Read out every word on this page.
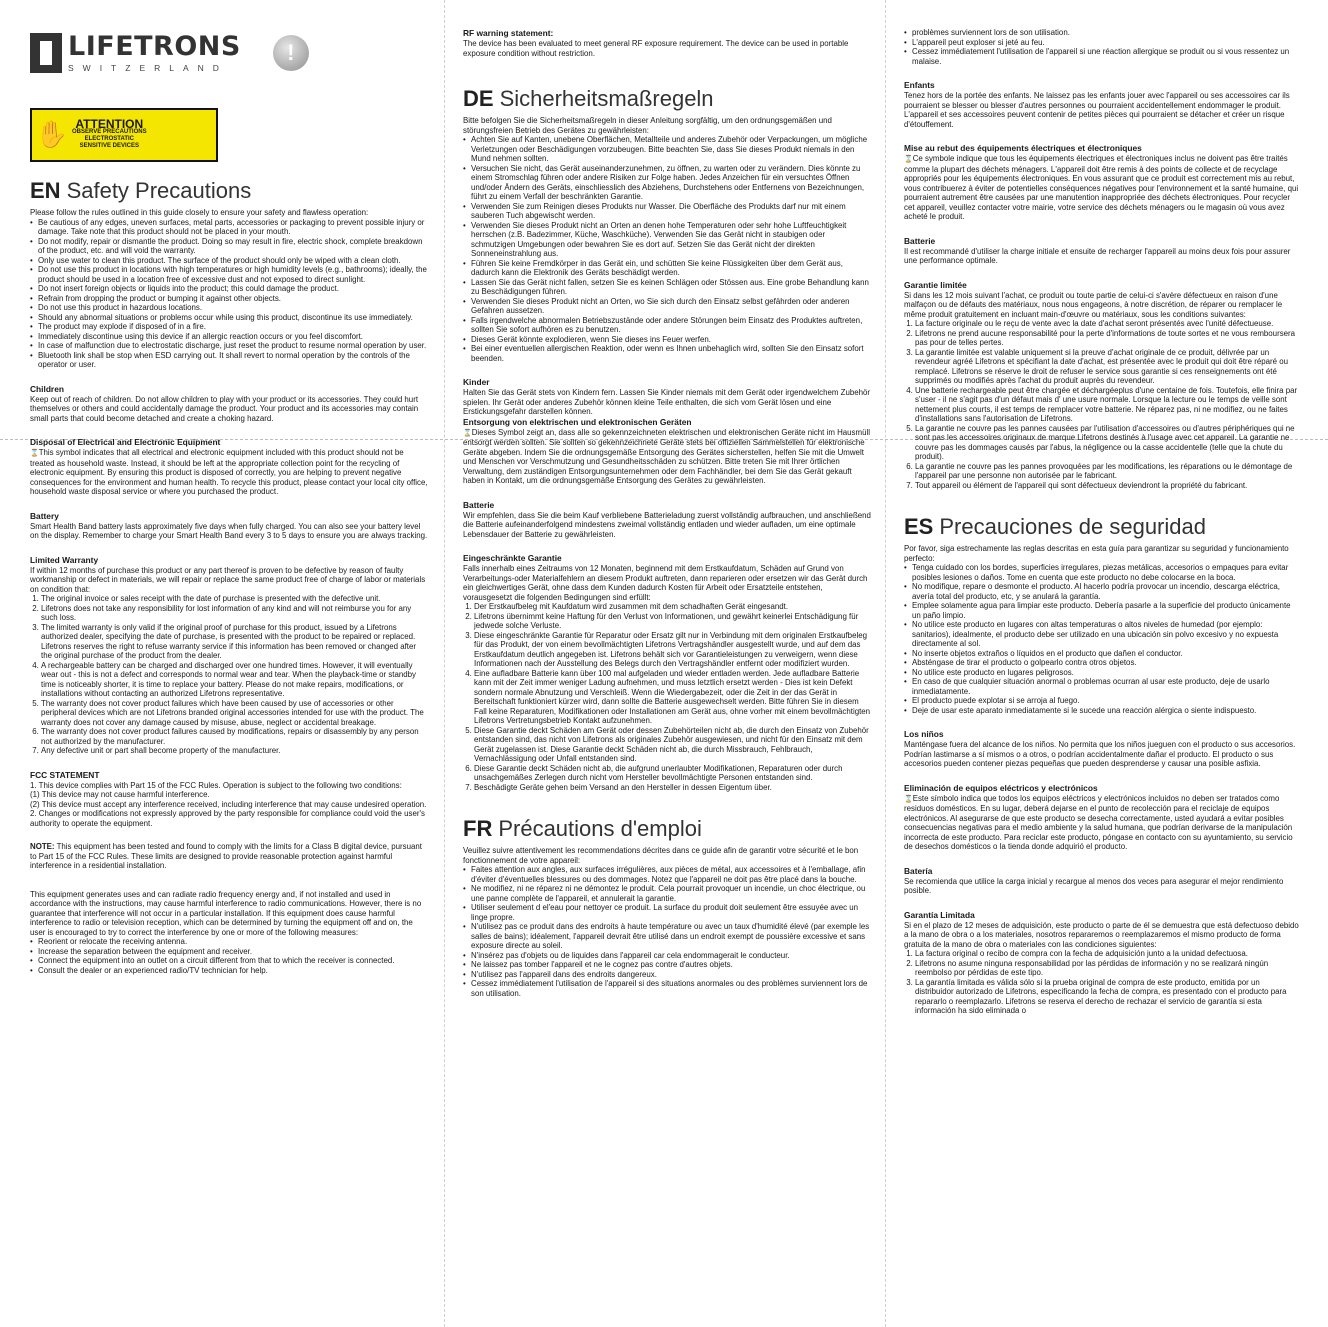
LIFETRONS
SWITZERLAND
!
✋ ATTENTION
OBSERVE PRECAUTIONS
ELECTROSTATIC
SENSITIVE DEVICES
EN Safety Precautions

Please follow the rules outlined in this guide closely to ensure your safety and flawless operation:

• Be cautious of any edges, uneven surfaces, metal parts, accessories or packaging to prevent possible injury or damage. Take note that this product should not be placed in your mouth.
• Do not modify, repair or dismantle the product. Doing so may result in fire, electric shock, complete breakdown of the product, etc. and will void the warranty.
• Only use water to clean this product. The surface of the product should only be wiped with a clean cloth.
• Do not use this product in locations with high temperatures or high humidity levels (e.g., bathrooms); ideally, the product should be used in a location free of excessive dust and not exposed to direct sunlight.
• Do not insert foreign objects or liquids into the product; this could damage the product.
• Refrain from dropping the product or bumping it against other objects.
• Do not use this product in hazardous locations.
• Should any abnormal situations or problems occur while using this product, discontinue its use immediately.
• The product may explode if disposed of in a fire.
• Immediately discontinue using this device if an allergic reaction occurs or you feel discomfort.
• In case of malfunction due to electrostatic discharge, just reset the product to resume normal operation by user.
• Bluetooth link shall be stop when ESD carrying out. It shall revert to normal operation by the controls of the operator or user.
Children

Keep out of reach of children. Do not allow children to play with your product or its accessories. They could hurt themselves or others and could accidentally damage the product. Your product and its accessories may contain small parts that could become detached and create a choking hazard.

Disposal of Electrical and Electronic Equipment

⌛This symbol indicates that all electrical and electronic equipment included with this product should not be treated as household waste. Instead, it should be left at the appropriate collection point for the recycling of electronic equipment. By ensuring this product is disposed of correctly, you are helping to prevent negative consequences for the environment and human health. To recycle this product, please contact your local city office, household waste disposal service or where you purchased the product.

Battery

Smart Health Band battery lasts approximately five days when fully charged. You can also see your battery level on the display. Remember to charge your Smart Health Band every 3 to 5 days to ensure you are always tracking.

Limited Warranty

If within 12 months of purchase this product or any part thereof is proven to be defective by reason of faulty workmanship or defect in materials, we will repair or replace the same product free of charge of labor or materials on condition that:

1. The original invoice or sales receipt with the date of purchase is presented with the defective unit.
2. Lifetrons does not take any responsibility for lost information of any kind and will not reimburse you for any such loss.
3. The limited warranty is only valid if the original proof of purchase for this product, issued by a Lifetrons authorized dealer, specifying the date of purchase, is presented with the product to be repaired or replaced. Lifetrons reserves the right to refuse warranty service if this information has been removed or changed after the original purchase of the product from the dealer.
4. A rechargeable battery can be charged and discharged over one hundred times. However, it will eventually wear out - this is not a defect and corresponds to normal wear and tear. When the playback-time or standby time is noticeably shorter, it is time to replace your battery. Please do not make repairs, modifications, or installations without contacting an authorized Lifetrons representative.
5. The warranty does not cover product failures which have been caused by use of accessories or other peripheral devices which are not Lifetrons branded original accessories intended for use with the product. The warranty does not cover any damage caused by misuse, abuse, neglect or accidental breakage.
6. The warranty does not cover product failures caused by modifications, repairs or disassembly by any person not authorized by the manufacturer.
7. Any defective unit or part shall become property of the manufacturer.
FCC STATEMENT
1. This device complies with Part 15 of the FCC Rules. Operation is subject to the following two conditions:
(1) This device may not cause harmful interference.
(2) This device must accept any interference received, including interference that may cause undesired operation.
2. Changes or modifications not expressly approved by the party responsible for compliance could void the user's authority to operate the equipment.

NOTE: This equipment has been tested and found to comply with the limits for a Class B digital device, pursuant to Part 15 of the FCC Rules. These limits are designed to provide reasonable protection against harmful interference in a residential installation.

This equipment generates uses and can radiate radio frequency energy and, if not installed and used in accordance with the instructions, may cause harmful interference to radio communications. However, there is no guarantee that interference will not occur in a particular installation. If this equipment does cause harmful interference to radio or television reception, which can be determined by turning the equipment off and on, the user is encouraged to try to correct the interference by one or more of the following measures:

• Reorient or relocate the receiving antenna.
• Increase the separation between the equipment and receiver.
• Connect the equipment into an outlet on a circuit different from that to which the receiver is connected.
• Consult the dealer or an experienced radio/TV technician for help.
RF warning statement:

The device has been evaluated to meet general RF exposure requirement. The device can be used in portable exposure condition without restriction.

DE Sicherheitsmaßregeln

Bitte befolgen Sie die Sicherheitsmaßregeln in dieser Anleitung sorgfältig, um den ordnungsgemäßen und störungsfreien Betrieb des Gerätes zu gewährleisten:

• Achten Sie auf Kanten, unebene Oberflächen, Metallteile und anderes Zubehör oder Verpackungen, um mögliche Verletzungen oder Beschädigungen vorzubeugen. Bitte beachten Sie, dass Sie dieses Produkt niemals in den Mund nehmen sollten.
• Versuchen Sie nicht, das Gerät auseinanderzunehmen, zu öffnen, zu warten oder zu verändern. Dies könnte zu einem Stromschlag führen oder andere Risiken zur Folge haben. Jedes Anzeichen für ein versuchtes Öffnen und/oder Ändern des Geräts, einschliesslich des Abziehens, Durchstehens oder Entfernens von Bezeichnungen, führt zu einem Verfall der beschränkten Garantie.
• Verwenden Sie zum Reinigen dieses Produkts nur Wasser. Die Oberfläche des Produkts darf nur mit einem sauberen Tuch abgewischt werden.
• Verwenden Sie dieses Produkt nicht an Orten an denen hohe Temperaturen oder sehr hohe Luftfeuchtigkeit herrschen (z.B. Badezimmer, Küche, Waschküche). Verwenden Sie das Gerät nicht in staubigen oder schmutzigen Umgebungen oder bewahren Sie es dort auf. Setzen Sie das Gerät nicht der direkten Sonneneinstrahlung aus.
• Führen Sie keine Fremdkörper in das Gerät ein, und schütten Sie keine Flüssigkeiten über dem Gerät aus, dadurch kann die Elektronik des Geräts beschädigt werden.
• Lassen Sie das Gerät nicht fallen, setzen Sie es keinen Schlägen oder Stössen aus. Eine grobe Behandlung kann zu Beschädigungen führen.
• Verwenden Sie dieses Produkt nicht an Orten, wo Sie sich durch den Einsatz selbst gefährden oder anderen Gefahren aussetzen.
• Falls irgendwelche abnormalen Betriebszustände oder andere Störungen beim Einsatz des Produktes auftreten, sollten Sie sofort aufhören es zu benutzen.
• Dieses Gerät könnte explodieren, wenn Sie dieses ins Feuer werfen.
• Bei einer eventuellen allergischen Reaktion, oder wenn es Ihnen unbehaglich wird, sollten Sie den Einsatz sofort beenden.
Kinder

Halten Sie das Gerät stets von Kindern fern. Lassen Sie Kinder niemals mit dem Gerät oder irgendwelchem Zubehör spielen. Ihr Gerät oder anderes Zubehör können kleine Teile enthalten, die sich vom Gerät lösen und eine Erstickungsgefahr darstellen können.

Entsorgung von elektrischen und elektronischen Geräten

⌛Dieses Symbol zeigt an, dass alle so gekennzeichneten elektrischen und elektronischen Geräte nicht im Hausmüll entsorgt werden sollten. Sie sollten so gekennzeichnete Geräte stets bei offiziellen Sammelstellen für elektronische Geräte abgeben. Indem Sie die ordnungsgemäße Entsorgung des Gerätes sicherstellen, helfen Sie mit die Umwelt und Menschen vor Verschmutzung und Gesundheitsschäden zu schützen. Bitte treten Sie mit Ihrer örtlichen Verwaltung, dem zuständigen Entsorgungsunternehmen oder dem Fachhändler, bei dem Sie das Gerät gekauft haben in Kontakt, um die ordnungsgemäße Entsorgung des Gerätes zu gewährleisten.

Batterie

Wir empfehlen, dass Sie die beim Kauf verbliebene Batterieladung zuerst vollständig aufbrauchen, und anschließend die Batterie aufeinanderfolgend mindestens zweimal vollständig entladen und wieder aufladen, um eine optimale Lebensdauer der Batterie zu gewährleisten.

Eingeschränkte Garantie

Falls innerhalb eines Zeitraums von 12 Monaten, beginnend mit dem Erstkaufdatum, Schäden auf Grund von Verarbeitungs-oder Materialfehlern an diesem Produkt auftreten, dann reparieren oder ersetzen wir das Gerät durch ein gleichwertiges Gerät, ohne dass dem Kunden dadurch Kosten für Arbeit oder Ersatzteile entstehen, vorausgesetzt die folgenden Bedingungen sind erfüllt:

1. Der Erstkaufbeleg mit Kaufdatum wird zusammen mit dem schadhaften Gerät eingesandt.
2. Lifetrons übernimmt keine Haftung für den Verlust von Informationen, und gewährt keinerlei Entschädigung für jedwede solche Verluste.
3. Diese eingeschränkte Garantie für Reparatur oder Ersatz gilt nur in Verbindung mit dem originalen Erstkaufbeleg für das Produkt, der von einem bevollmächtigten Lifetrons Vertragshändler ausgestellt wurde, und auf dem das Erstkaufdatum deutlich angegeben ist. Lifetrons behält sich vor Garantieleistungen zu verweigern, wenn diese Informationen nach der Ausstellung des Belegs durch den Vertragshändler entfernt oder modifiziert wurden.
4. Eine aufladbare Batterie kann über 100 mal aufgeladen und wieder entladen werden. Jede aufladbare Batterie kann mit der Zeit immer weniger Ladung aufnehmen, und muss letztlich ersetzt werden - Dies ist kein Defekt sondern normale Abnutzung und Verschleiß. Wenn die Wiedergabezeit, oder die Zeit in der das Gerät in Bereitschaft funktioniert kürzer wird, dann sollte die Batterie ausgewechselt werden. Bitte führen Sie in diesem Fall keine Reparaturen, Modifikationen oder Installationen am Gerät aus, ohne vorher mit einem bevollmächtigten Lifetrons Vertretungsbetrieb Kontakt aufzunehmen.
5. Diese Garantie deckt Schäden am Gerät oder dessen Zubehörteilen nicht ab, die durch den Einsatz von Zubehör entstanden sind, das nicht von Lifetrons als originales Zubehör ausgewiesen, und nicht für den Einsatz mit dem Gerät zugelassen ist. Diese Garantie deckt Schäden nicht ab, die durch Missbrauch, Fehlbrauch, Vernachlässigung oder Unfall entstanden sind.
6. Diese Garantie deckt Schäden nicht ab, die aufgrund unerlaubter Modifikationen, Reparaturen oder durch unsachgemäßes Zerlegen durch nicht vom Hersteller bevollmächtigte Personen entstanden sind.
7. Beschädigte Geräte gehen beim Versand an den Hersteller in dessen Eigentum über.
FR Précautions d'emploi

Veuillez suivre attentivement les recommendations décrites dans ce guide afin de garantir votre sécurité et le bon fonctionnement de votre appareil:

• Faites attention aux angles, aux surfaces irrégulières, aux pièces de métal, aux accessoires et à l'emballage, afin d'éviter d'éventuelles blessures ou des dommages. Notez que l'appareil ne doit pas être placé dans la bouche.
• Ne modifiez, ni ne réparez ni ne démontez le produit. Cela pourrait provoquer un incendie, un choc électrique, ou une panne complète de l'appareil, et annulerait la garantie.
• Utiliser seulement d el'eau pour nettoyer ce produit. La surface du produit doit seulement être essuyée avec un linge propre.
• N'utilisez pas ce produit dans des endroits à haute température ou avec un taux d'humidité élevé (par exemple les salles de bains); idéalement, l'appareil devrait être utilisé dans un endroit exempt de poussière excessive et sans exposure directe au soleil.
• N'insérez pas d'objets ou de liquides dans l'appareil car cela endommagerait le conducteur.
• Ne laissez pas tomber l'appareil et ne le cognez pas contre d'autres objets.
• N'utilisez pas l'appareil dans des endroits dangereux.
• Cessez immédiatement l'utilisation de l'appareil si des situations anormales ou des problèmes surviennent lors de son utilisation.
• problèmes surviennent lors de son utilisation.
• L'appareil peut exploser si jeté au feu.
• Cessez immédiatement l'utilisation de l'appareil si une réaction allergique se produit ou si vous ressentez un malaise.
Enfants

Tenez hors de la portée des enfants. Ne laissez pas les enfants jouer avec l'appareil ou ses accessoires car ils pourraient se blesser ou blesser d'autres personnes ou pourraient accidentellement endommager le produit. L'appareil et ses accessoires peuvent contenir de petites pièces qui pourraient se détacher et créer un risque d'étouffement.

Mise au rebut des équipements électriques et électroniques

⌛Ce symbole indique que tous les équipements électriques et électroniques inclus ne doivent pas être traités comme la plupart des déchets ménagers. L'appareil doit être remis à des points de collecte et de recyclage appropriés pour les équipements électroniques. En vous assurant que ce produit est correctement mis au rebut, vous contribuerez à éviter de potentielles conséquences négatives pour l'environnement et la santé humaine, qui pourraient autrement être causées par une manutention inappropriée des déchets électroniques. Pour recycler cet appareil, veuillez contacter votre mairie, votre service des déchets ménagers ou le magasin où vous avez acheté le produit.

Batterie

Il est recommandé d'utiliser la charge initiale et ensuite de recharger l'appareil au moins deux fois pour assurer une performance optimale.

Garantie limitée

Si dans les 12 mois suivant l'achat, ce produit ou toute partie de celui-ci s'avère défectueux en raison d'une malfaçon ou de défauts des matériaux, nous nous engageons, à notre discrétion, de réparer ou remplacer le même produit gratuitement en incluant main-d'œuvre ou matériaux, sous les conditions suivantes:

1. La facture originale ou le reçu de vente avec la date d'achat seront présentés avec l'unité défectueuse.
2. Lifetrons ne prend aucune responsabilité pour la perte d'informations de toute sortes et ne vous remboursera pas pour de telles pertes.
3. La garantie limitée est valable uniquement si la preuve d'achat originale de ce produit, délivrée par un revendeur agréé Lifetrons et spécifiant la date d'achat, est présentée avec le produit qui doit être réparé ou remplacé. Lifetrons se réserve le droit de refuser le service sous garantie si ces renseignements ont été supprimés ou modifiés après l'achat du produit auprès du revendeur.
4. Une batterie rechargeable peut être chargée et déchargéeplus d'une centaine de fois. Toutefois, elle finira par s'user - il ne s'agit pas d'un défaut mais d' une usure normale. Lorsque la lecture ou le temps de veille sont nettement plus courts, il est temps de remplacer votre batterie. Ne réparez pas, ni ne modifiez, ou ne faites d'installations sans l'autorisation de Lifetrons.
5. La garantie ne couvre pas les pannes causées par l'utilisation d'accessoires ou d'autres périphériques qui ne sont pas les accessoires originaux de marque Lifetrons destinés à l'usage avec cet appareil. La garantie ne couvre pas les dommages causés par l'abus, la négligence ou la casse accidentelle (telle que la chute du produit).
6. La garantie ne couvre pas les pannes provoquées par les modifications, les réparations ou le démontage de l'appareil par une personne non autorisée par le fabricant.
7. Tout appareil ou élément de l'appareil qui sont défectueux deviendront la propriété du fabricant.
ES Precauciones de seguridad

Por favor, siga estrechamente las reglas descritas en esta guía para garantizar su seguridad y funcionamiento perfecto:

• Tenga cuidado con los bordes, superficies irregulares, piezas metálicas, accesorios o empaques para evitar posibles lesiones o daños. Tome en cuenta que este producto no debe colocarse en la boca.
• No modifique, repare o desmonte el producto. Al hacerlo podría provocar un incendio, descarga eléctrica, avería total del producto, etc, y se anulará la garantía.
• Emplee solamente agua para limpiar este producto. Debería pasarle a la superficie del producto únicamente un paño limpio.
• No utilice este producto en lugares con altas temperaturas o altos niveles de humedad (por ejemplo: sanitarios), idealmente, el producto debe ser utilizado en una ubicación sin polvo excesivo y no expuesta directamente al sol.
• No inserte objetos extraños o líquidos en el producto que dañen el conductor.
• Absténgase de tirar el producto o golpearlo contra otros objetos.
• No utilice este producto en lugares peligrosos.
• En caso de que cualquier situación anormal o problemas ocurran al usar este producto, deje de usarlo inmediatamente.
• El producto puede explotar si se arroja al fuego.
• Deje de usar este aparato inmediatamente si le sucede una reacción alérgica o siente indispuesto.
Los niños

Manténgase fuera del alcance de los niños. No permita que los niños jueguen con el producto o sus accesorios. Podrían lastimarse a sí mismos o a otros, o podrían accidentalmente dañar el producto. El producto o sus accesorios pueden contener piezas pequeñas que pueden desprenderse y causar una posible asfixia.

Eliminación de equipos eléctricos y electrónicos

⌛Este símbolo indica que todos los equipos eléctricos y electrónicos incluidos no deben ser tratados como residuos domésticos. En su lugar, deberá dejarse en el punto de recolección para el reciclaje de equipos electrónicos. Al asegurarse de que este producto se desecha correctamente, usted ayudará a evitar posibles consecuencias negativas para el medio ambiente y la salud humana, que podrían derivarse de la manipulación incorrecta de este producto. Para reciclar este producto, póngase en contacto con su ayuntamiento, su servicio de desechos domésticos o la tienda donde adquirió el producto.

Batería

Se recomienda que utilice la carga inicial y recargue al menos dos veces para asegurar el mejor rendimiento posible.

Garantía Limitada

Si en el plazo de 12 meses de adquisición, este producto o parte de él se demuestra que está defectuoso debido a la mano de obra o a los materiales, nosotros repararemos o reemplazaremos el mismo producto de forma gratuita de la mano de obra o materiales con las condiciones siguientes:

1. La factura original o recibo de compra con la fecha de adquisición junto a la unidad defectuosa.
2. Lifetrons no asume ninguna responsabilidad por las pérdidas de información y no se realizará ningún reembolso por pérdidas de este tipo.
3. La garantía limitada es válida sólo si la prueba original de compra de este producto, emitida por un distribuidor autorizado de Lifetrons, especificando la fecha de compra, es presentado con el producto para repararlo o reemplazarlo. Lifetrons se reserva el derecho de rechazar el servicio de garantía si esta información ha sido eliminada o
